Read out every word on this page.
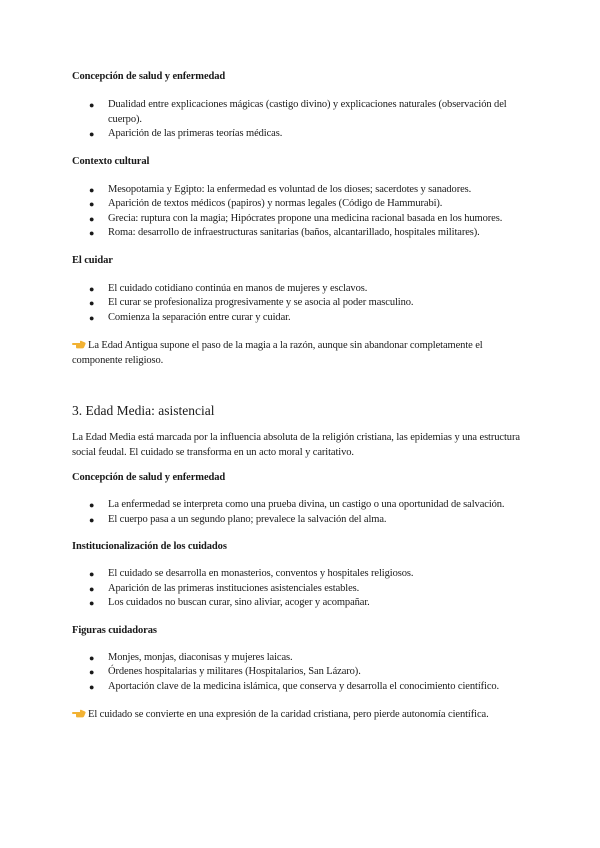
Concepción de salud y enfermedad

● Dualidad entre explicaciones mágicas (castigo divino) y explicaciones naturales (observación del cuerpo).
● Aparición de las primeras teorías médicas.

Contexto cultural

● Mesopotamia y Egipto: la enfermedad es voluntad de los dioses; sacerdotes y sanadores.
● Aparición de textos médicos (papiros) y normas legales (Código de Hammurabi).
● Grecia: ruptura con la magia; Hipócrates propone una medicina racional basada en los humores.
● Roma: desarrollo de infraestructuras sanitarias (baños, alcantarillado, hospitales militares).

El cuidar

● El cuidado cotidiano continúa en manos de mujeres y esclavos.
● El curar se profesionaliza progresivamente y se asocia al poder masculino.
● Comienza la separación entre curar y cuidar.

La Edad Antigua supone el paso de la magia a la razón, aunque sin abandonar completamente el componente religioso.

3. Edad Media: asistencial

La Edad Media está marcada por la influencia absoluta de la religión cristiana, las epidemias y una estructura social feudal. El cuidado se transforma en un acto moral y caritativo.

Concepción de salud y enfermedad

● La enfermedad se interpreta como una prueba divina, un castigo o una oportunidad de salvación.
● El cuerpo pasa a un segundo plano; prevalece la salvación del alma.

Institucionalización de los cuidados

● El cuidado se desarrolla en monasterios, conventos y hospitales religiosos.
● Aparición de las primeras instituciones asistenciales estables.
● Los cuidados no buscan curar, sino aliviar, acoger y acompañar.

Figuras cuidadoras

● Monjes, monjas, diaconisas y mujeres laicas.
● Órdenes hospitalarias y militares (Hospitalarios, San Lázaro).
● Aportación clave de la medicina islámica, que conserva y desarrolla el conocimiento científico.

El cuidado se convierte en una expresión de la caridad cristiana, pero pierde autonomía científica.
